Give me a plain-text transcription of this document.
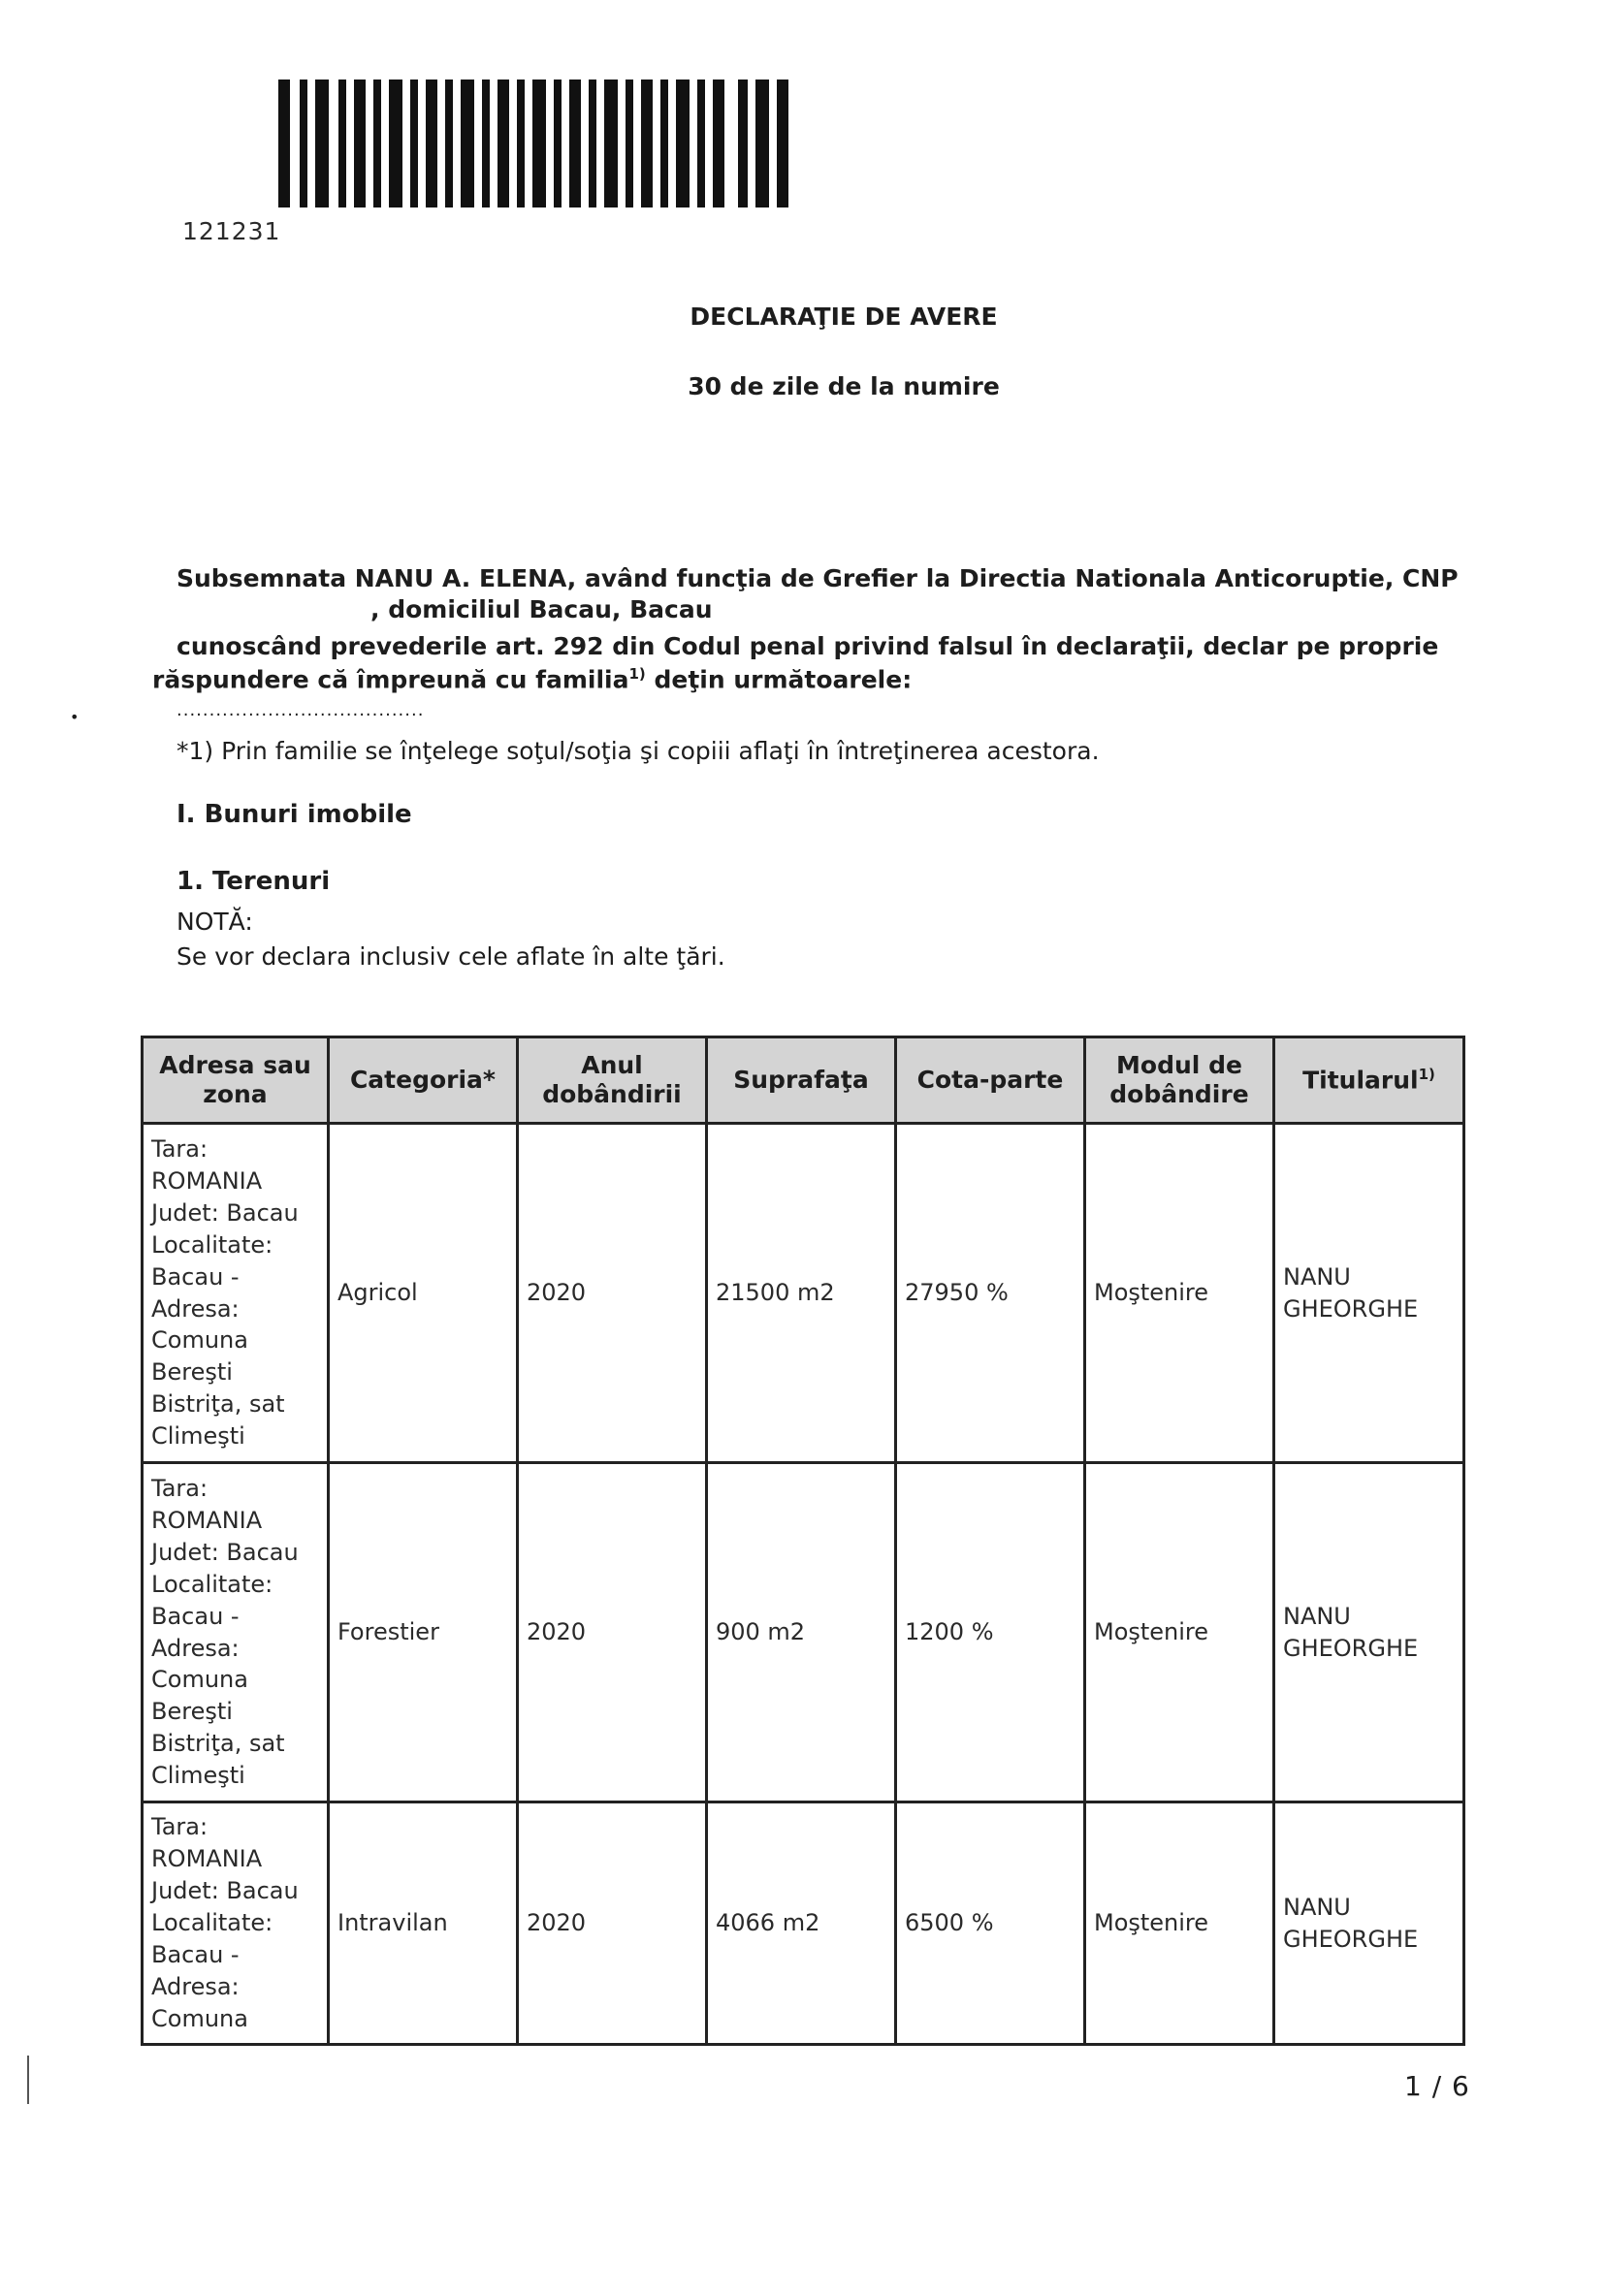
121231
DECLARAŢIE DE AVERE
30 de zile de la numire
Subsemnata NANU A. ELENA, având funcţia de Grefier la Directia Nationala Anticoruptie, CNP
, domiciliul Bacau, Bacau
cunoscând prevederile art. 292 din Codul penal privind falsul în declaraţii, declar pe proprie
răspundere că împreună cu familia$^{1)}$ deţin următoarele:
......................................
•
*1) Prin familie se înţelege soţul/soţia şi copiii aflaţi în întreţinerea acestora.
I. Bunuri imobile
1. Terenuri
NOTĂ:
Se vor declara inclusiv cele aflate în alte ţări.
Adresa sau zona	Categoria*	Anul dobândirii	Suprafaţa	Cota-parte	Modul de dobândire	Titularul$^{1)}$
Tara: ROMANIA Judet: Bacau Localitate: Bacau - Adresa: Comuna Bereşti Bistriţa, sat Climeşti	Agricol	2020	21500 m2	27950 %	Moştenire	NANU GHEORGHE
Tara: ROMANIA Judet: Bacau Localitate: Bacau - Adresa: Comuna Bereşti Bistriţa, sat Climeşti	Forestier	2020	900 m2	1200 %	Moştenire	NANU GHEORGHE
Tara: ROMANIA Judet: Bacau Localitate: Bacau - Adresa: Comuna	Intravilan	2020	4066 m2	6500 %	Moştenire	NANU GHEORGHE
1 / 6
